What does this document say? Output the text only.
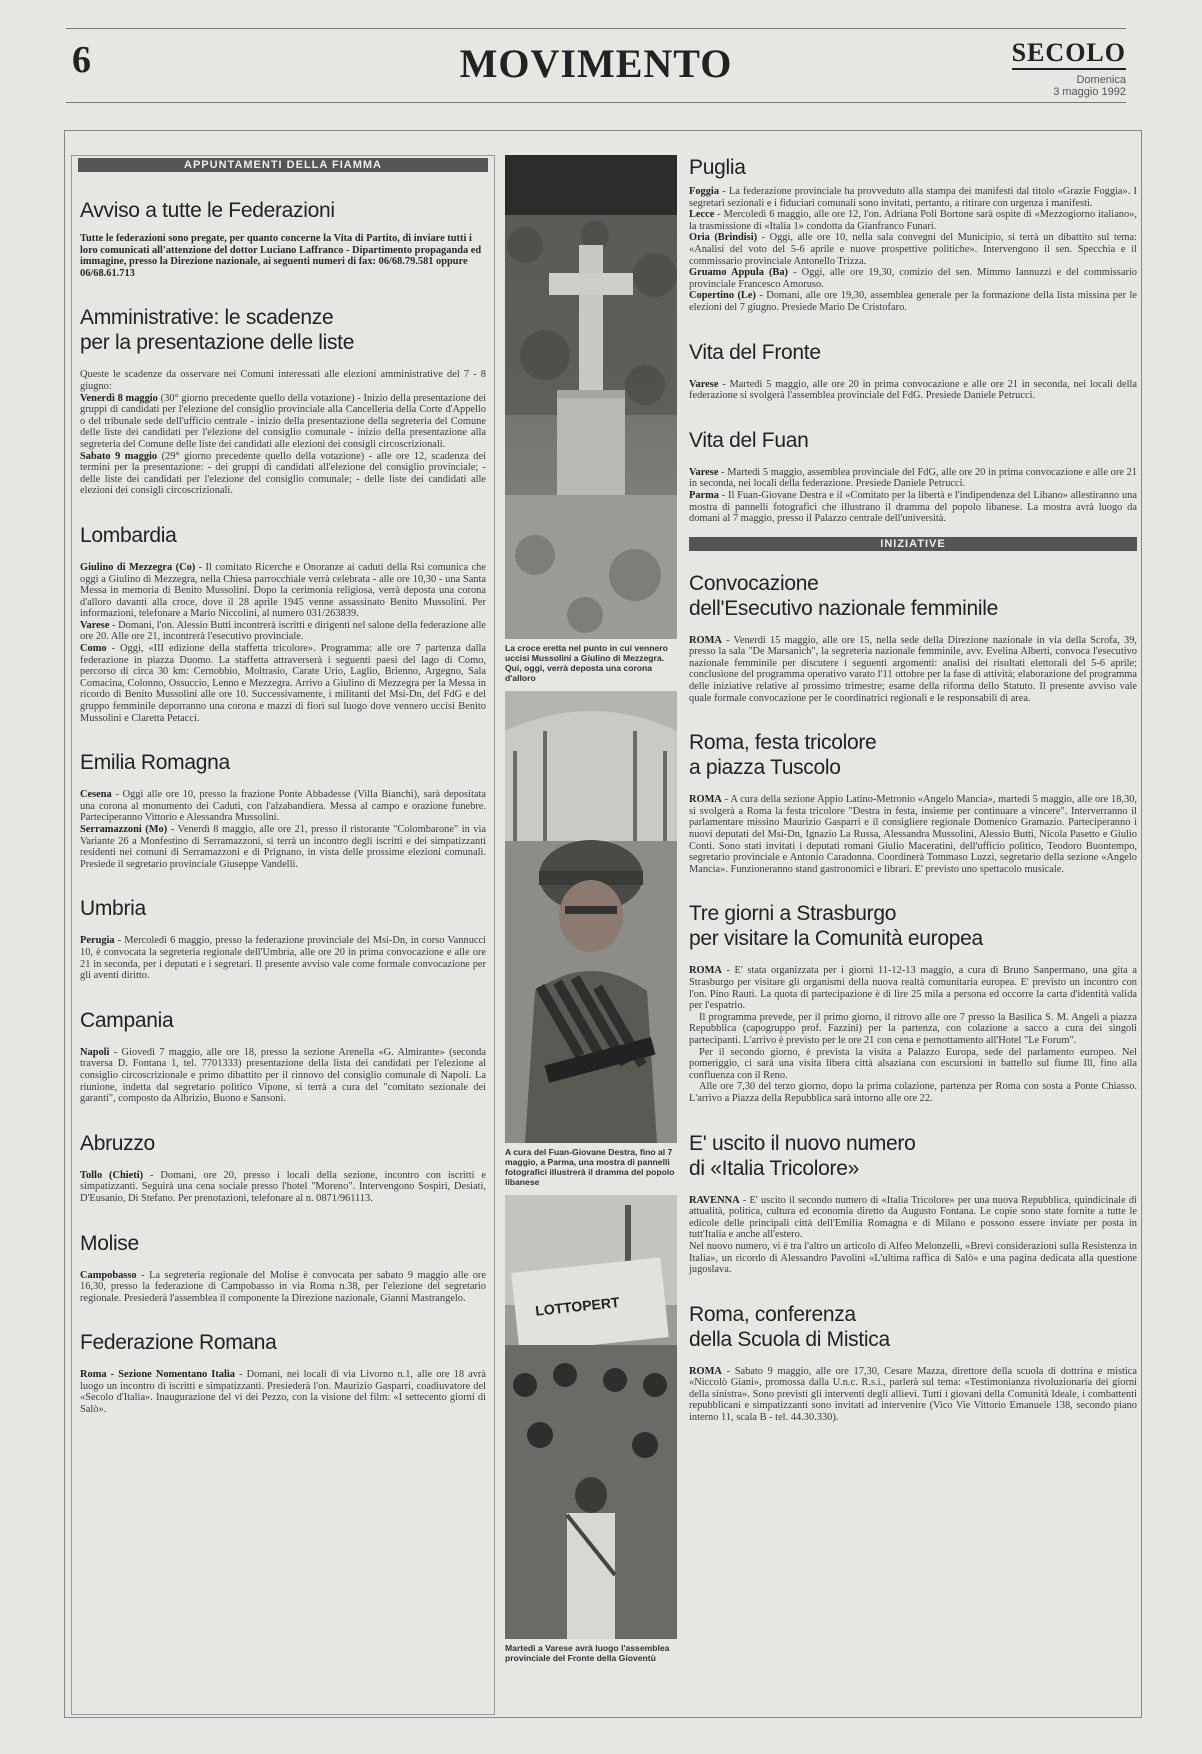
6	MOVIMENTO	SECOLO
Domenica
3 maggio 1992
APPUNTAMENTI DELLA FIAMMA
Avviso a tutte le Federazioni
Tutte le federazioni sono pregate, per quanto concerne la Vita di Partito, di inviare tutti i loro comunicati all'attenzione del dottor Luciano Laffranco - Dipartimento propaganda ed immagine, presso la Direzione nazionale, ai seguenti numeri di fax: 06/68.79.581 oppure 06/68.61.713
Amministrative: le scadenze
per la presentazione delle liste

Queste le scadenze da osservare nei Comuni interessati alle elezioni amministrative del 7 - 8 giugno:

Venerdì 8 maggio (30° giorno precedente quello della votazione) - Inizio della presentazione dei gruppi di candidati per l'elezione del consiglio provinciale alla Cancelleria della Corte d'Appello o del tribunale sede dell'ufficio centrale - inizio della presentazione della segreteria del Comune delle liste dei candidati per l'elezione del consiglio comunale - inizio della presentazione alla segreteria del Comune delle liste dei candidati alle elezioni dei consigli circoscrizionali.

Sabato 9 maggio (29° giorno precedente quello della votazione) - alle ore 12, scadenza dei termini per la presentazione: - dei gruppi di candidati all'elezione del consiglio provinciale; - delle liste dei candidati per l'elezione del consiglio comunale; - delle liste dei candidati alle elezioni dei consigli circoscrizionali.

Lombardia

Giulino di Mezzegra (Co) - Il comitato Ricerche e Onoranze ai caduti della Rsi comunica che oggi a Giulino di Mezzegra, nella Chiesa parrocchiale verrà celebrata - alle ore 10,30 - una Santa Messa in memoria di Benito Mussolini. Dopo la cerimonia religiosa, verrà deposta una corona d'alloro davanti alla croce, dove il 28 aprile 1945 venne assassinato Benito Mussolini. Per informazioni, telefonare a Mario Niccolini, al numero 031/263839.

Varese - Domani, l'on. Alessio Butti incontrerà iscritti e dirigenti nel salone della federazione alle ore 20. Alle ore 21, incontrerà l'esecutivo provinciale.

Como - Oggi, «III edizione della staffetta tricolore». Programma: alle ore 7 partenza dalla federazione in piazza Duomo. La staffetta attraverserà i seguenti paesi del lago di Como, percorso di circa 30 km: Cernobbio, Moltrasio, Carate Urio, Laglio, Brienno, Argegno, Sala Comacina, Colonno, Ossuccio, Lenno e Mezzegra. Arrivo a Giulino di Mezzegra per la Messa in ricordo di Benito Mussolini alle ore 10. Successivamente, i militanti del Msi-Dn, del FdG e del gruppo femminile deporranno una corona e mazzi di fiori sul luogo dove vennero uccisi Benito Mussolini e Claretta Petacci.

Emilia Romagna

Cesena - Oggi alle ore 10, presso la frazione Ponte Abbadesse (Villa Bianchi), sarà depositata una corona al monumento dei Caduti, con l'alzabandiera. Messa al campo e orazione funebre. Parteciperanno Vittorio e Alessandra Mussolini.

Serramazzoni (Mo) - Venerdì 8 maggio, alle ore 21, presso il ristorante "Colombarone" in via Variante 26 a Monfestino di Serramazzoni, si terrà un incontro degli iscritti e dei simpatizzanti residenti nei comuni di Serramazzoni e di Prignano, in vista delle prossime elezioni comunali. Presiede il segretario provinciale Giuseppe Vandelli.

Umbria

Perugia - Mercoledì 6 maggio, presso la federazione provinciale del Msi-Dn, in corso Vannucci 10, è convocata la segreteria regionale dell'Umbria, alle ore 20 in prima convocazione e alle ore 21 in seconda, per i deputati e i segretari. Il presente avviso vale come formale convocazione per gli aventi diritto.

Campania

Napoli - Giovedì 7 maggio, alle ore 18, presso la sezione Arenella «G. Almirante» (seconda traversa D. Fontana 1, tel. 7701333) presentazione della lista dei candidati per l'elezione al consiglio circoscrizionale e primo dibattito per il rinnovo del consiglio comunale di Napoli. La riunione, indetta dal segretario politico Vipone, si terrà a cura del "comitato sezionale dei garanti", composto da Albrizio, Buono e Sansoni.

Abruzzo

Tollo (Chieti) - Domani, ore 20, presso i locali della sezione, incontro con iscritti e simpatizzanti. Seguirà una cena sociale presso l'hotel "Moreno". Intervengono Sospiri, Desiati, D'Eusanio, Di Stefano. Per prenotazioni, telefonare al n. 0871/961113.

Molise

Campobasso - La segreteria regionale del Molise è convocata per sabato 9 maggio alle ore 16,30, presso la federazione di Campobasso in via Roma n.38, per l'elezione del segretario regionale. Presiederà l'assemblea il componente la Direzione nazionale, Gianni Mastrangelo.

Federazione Romana

Roma - Sezione Nomentano Italia - Domani, nei locali di via Livorno n.1, alle ore 18 avrà luogo un incontro di iscritti e simpatizzanti. Presiederà l'on. Maurizio Gasparri, coadiuvatore del «Secolo d'Italia». Inaugurazione del vi dei Pezzo, con la visione del film: «I settecento giorni di Salò».

La croce eretta nel punto in cui vennero uccisi Mussolini a Giulino di Mezzegra. Qui, oggi, verrà deposta una corona d'alloro
A cura del Fuan-Giovane Destra, fino al 7 maggio, a Parma, una mostra di pannelli fotografici illustrerà il dramma del popolo libanese
LOTTOPERT
Martedì a Varese avrà luogo l'assemblea provinciale del Fronte della Gioventù
Puglia

Foggia - La federazione provinciale ha provveduto alla stampa dei manifesti dal titolo «Grazie Foggia». I segretari sezionali e i fiduciari comunali sono invitati, pertanto, a ritirare con urgenza i manifesti.

Lecce - Mercoledì 6 maggio, alle ore 12, l'on. Adriana Poli Bortone sarà ospite di «Mezzogiorno italiano», la trasmissione di «Italia 1» condotta da Gianfranco Funari.

Oria (Brindisi) - Oggi, alle ore 10, nella sala convegni del Municipio, si terrà un dibattito sul tema: «Analisi del voto del 5-6 aprile e nuove prospettive politiche». Intervengono il sen. Specchia e il commissario provinciale Antonello Trizza.

Gruamo Appula (Ba) - Oggi, alle ore 19,30, comizio del sen. Mimmo Iannuzzi e del commissario provinciale Francesco Amoruso.

Copertino (Le) - Domani, alle ore 19,30, assemblea generale per la formazione della lista missina per le elezioni del 7 giugno. Presiede Mario De Cristofaro.

Vita del Fronte

Varese - Martedì 5 maggio, alle ore 20 in prima convocazione e alle ore 21 in seconda, nei locali della federazione si svolgerà l'assemblea provinciale del FdG. Presiede Daniele Petrucci.

Vita del Fuan

Varese - Martedì 5 maggio, assemblea provinciale del FdG, alle ore 20 in prima convocazione e alle ore 21 in seconda, nei locali della federazione. Presiede Daniele Petrucci.

Parma - Il Fuan-Giovane Destra e il «Comitato per la libertà e l'indipendenza del Libano» allestiranno una mostra di pannelli fotografici che illustrano il dramma del popolo libanese. La mostra avrà luogo da domani al 7 maggio, presso il Palazzo centrale dell'università.

INIZIATIVE
Convocazione
dell'Esecutivo nazionale femminile

ROMA - Venerdì 15 maggio, alle ore 15, nella sede della Direzione nazionale in via della Scrofa, 39, presso la sala "De Marsanich", la segreteria nazionale femminile, avv. Evelina Alberti, convoca l'esecutivo nazionale femminile per discutere i seguenti argomenti: analisi dei risultati elettorali del 5-6 aprile; conclusione del programma operativo varato l'11 ottobre per la fase di attività; elaborazione del programma delle iniziative relative al prossimo trimestre; esame della riforma dello Statuto. Il presente avviso vale quale formale convocazione per le coordinatrici regionali e le responsabili di area.

Roma, festa tricolore
a piazza Tuscolo

ROMA - A cura della sezione Appio Latino-Metronio «Angelo Mancia», martedì 5 maggio, alle ore 18,30, si svolgerà a Roma la festa tricolore "Destra in festa, insieme per continuare a vincere". Interverranno il parlamentare missino Maurizio Gasparri e il consigliere regionale Domenico Gramazio. Parteciperanno i nuovi deputati del Msi-Dn, Ignazio La Russa, Alessandra Mussolini, Alessio Butti, Nicola Pasetto e Giulio Conti. Sono stati invitati i deputati romani Giulio Maceratini, dell'ufficio politico, Teodoro Buontempo, segretario provinciale e Antonio Caradonna. Coordinerà Tommaso Luzzi, segretario della sezione «Angelo Mancia». Funzioneranno stand gastronomici e librari. E' previsto uno spettacolo musicale.

Tre giorni a Strasburgo
per visitare la Comunità europea

ROMA - E' stata organizzata per i giorni 11-12-13 maggio, a cura di Bruno Sanpermano, una gita a Strasburgo per visitare gli organismi della nuova realtà comunitaria europea. E' previsto un incontro con l'on. Pino Rauti. La quota di partecipazione è di lire 25 mila a persona ed occorre la carta d'identità valida per l'espatrio.

Il programma prevede, per il primo giorno, il ritrovo alle ore 7 presso la Basilica S. M. Angeli a piazza Repubblica (capogruppo prof. Fazzini) per la partenza, con colazione a sacco a cura dei singoli partecipanti. L'arrivo è previsto per le ore 21 con cena e pernottamento all'Hotel "Le Forum".

Per il secondo giorno, è prevista la visita a Palazzo Europa, sede del parlamento europeo. Nel pomeriggio, ci sarà una visita libera città alsaziana con escursioni in battello sul fiume Ill, fino alla confluenza con il Reno.

Alle ore 7,30 del terzo giorno, dopo la prima colazione, partenza per Roma con sosta a Ponte Chiasso. L'arrivo a Piazza della Repubblica sarà intorno alle ore 22.

E' uscito il nuovo numero
di «Italia Tricolore»

RAVENNA - E' uscito il secondo numero di «Italia Tricolore» per una nuova Repubblica, quindicinale di attualità, politica, cultura ed economia diretto da Augusto Fontana. Le copie sono state fornite a tutte le edicole delle principali città dell'Emilia Romagna e di Milano e possono essere inviate per posta in tutt'Italia e anche all'estero.

Nel nuovo numero, vi è tra l'altro un articolo di Alfeo Melonzelli, «Brevi considerazioni sulla Resistenza in Italia», un ricordo di Alessandro Pavolini «L'ultima raffica di Salò» e una pagina dedicata alla questione jugoslava.

Roma, conferenza
della Scuola di Mistica

ROMA - Sabato 9 maggio, alle ore 17,30, Cesare Mazza, direttore della scuola di dottrina e mistica «Niccolò Giani», promossa dalla U.n.c. R.s.i., parlerà sul tema: «Testimonianza rivoluzionaria dei giorni della sinistra». Sono previsti gli interventi degli allievi. Tutti i giovani della Comunità Ideale, i combattenti repubblicani e simpatizzanti sono invitati ad intervenire (Vico Vie Vittorio Emanuele 138, secondo piano interno 11, scala B - tel. 44.30.330).
